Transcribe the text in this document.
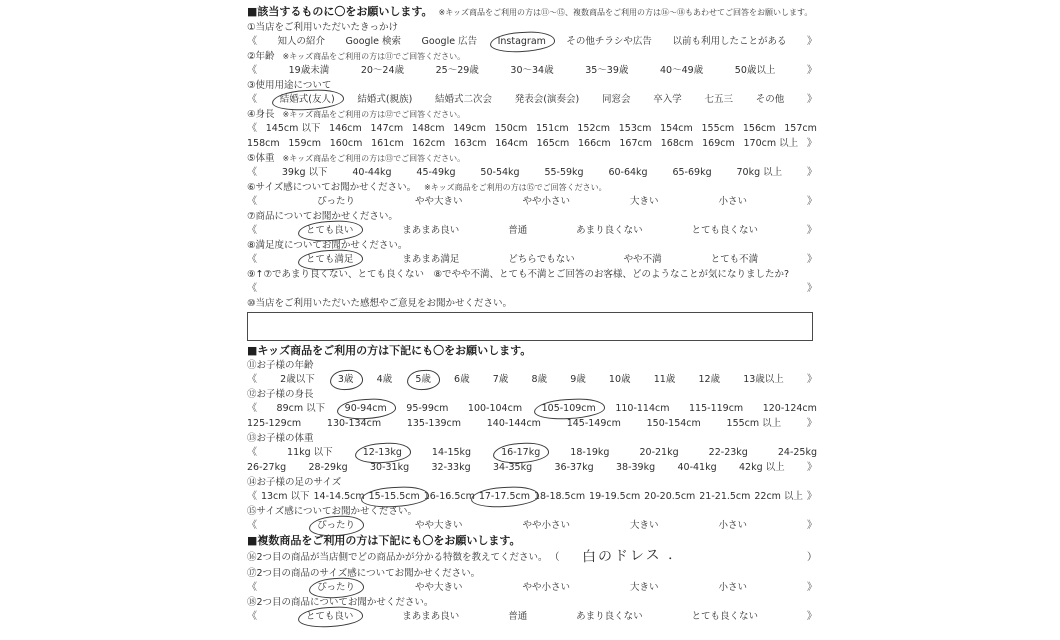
■該当するものに〇をお願いします。 ※キッズ商品をご利用の方は⑪～⑮、複数商品をご利用の方は⑯～⑱もあわせてご回答をお願いします。
①当店をご利用いただいたきっかけ
《 知人の紹介 Google 検索 Google 広告 Instagram その他チラシや広告 以前も利用したことがある 》
②年齢 ※キッズ商品をご利用の方は⑪でご回答ください。
《	19歳未満	20～24歳	25～29歳	30～34歳	35～39歳	40～49歳	50歳以上	》
③使用用途について
《 結婚式(友人) 結婚式(親族) 結婚式二次会 発表会(演奏会) 同窓会 卒入学 七五三 その他 》
④身長 ※キッズ商品をご利用の方は⑫でご回答ください。
《 145cm 以下 146cm 147cm 148cm 149cm 150cm 151cm 152cm 153cm 154cm 155cm 156cm 157cm
158cm 159cm 160cm 161cm 162cm 163cm 164cm 165cm 166cm 167cm 168cm 169cm 170cm 以上 》
⑤体重 ※キッズ商品をご利用の方は⑬でご回答ください。
《	39kg 以下	40-44kg	45-49kg	50-54kg	55-59kg	60-64kg	65-69kg	70kg 以上 》
⑥サイズ感についてお聞かせください。 ※キッズ商品をご利用の方は⑮でご回答ください。
《	ぴったり	やや大きい	やや小さい	大きい	小さい	》
⑦商品についてお聞かせください。
《	とても良い	まあまあ良い	普通	あまり良くない	とても良くない	》
⑧満足度についてお聞かせください。
《	とても満足	まあまあ満足	どちらでもない	やや不満	とても不満	》
⑨↑⑦であまり良くない、とても良くない　⑧でやや不満、とても不満とご回答のお客様、どのようなことが気になりましたか?
《	》
⑩当店をご利用いただいた感想やご意見をお聞かせください。
■キッズ商品をご利用の方は下記にも〇をお願いします。
⑪お子様の年齢
《 2歳以下 3歳 4歳 5歳 6歳 7歳 8歳 9歳 10歳 11歳 12歳 13歳以上 》
⑫お子様の身長
《 89cm 以下 90-94cm 95-99cm 100-104cm 105-109cm 110-114cm 115-119cm 120-124cm
125-129cm	130-134cm	135-139cm	140-144cm	145-149cm	150-154cm	155cm 以上	》
⑬お子様の体重
《	11kg 以下	12-13kg	14-15kg	16-17kg	18-19kg	20-21kg	22-23kg	24-25kg
26-27kg 28-29kg 30-31kg 32-33kg 34-35kg 36-37kg 38-39kg 40-41kg 42kg 以上 》
⑭お子様の足のサイズ
《 13cm 以下 14-14.5cm 15-15.5cm 16-16.5cm 17-17.5cm 18-18.5cm 19-19.5cm 20-20.5cm 21-21.5cm 22cm 以上 》
⑮サイズ感についてお聞かせください。
《	ぴったり	やや大きい	やや小さい	大きい	小さい	》
■複数商品をご利用の方は下記にも〇をお願いします。
⑯2つ目の商品が当店側でどの商品かが分かる特徴を教えてください。 （ 白のドレス ．	）
⑰2つ目の商品のサイズ感についてお聞かせください。
《	ぴったり	やや大きい	やや小さい	大きい	小さい	》
⑱2つ目の商品についてお聞かせください。
《	とても良い	まあまあ良い	普通	あまり良くない	とても良くない	》
